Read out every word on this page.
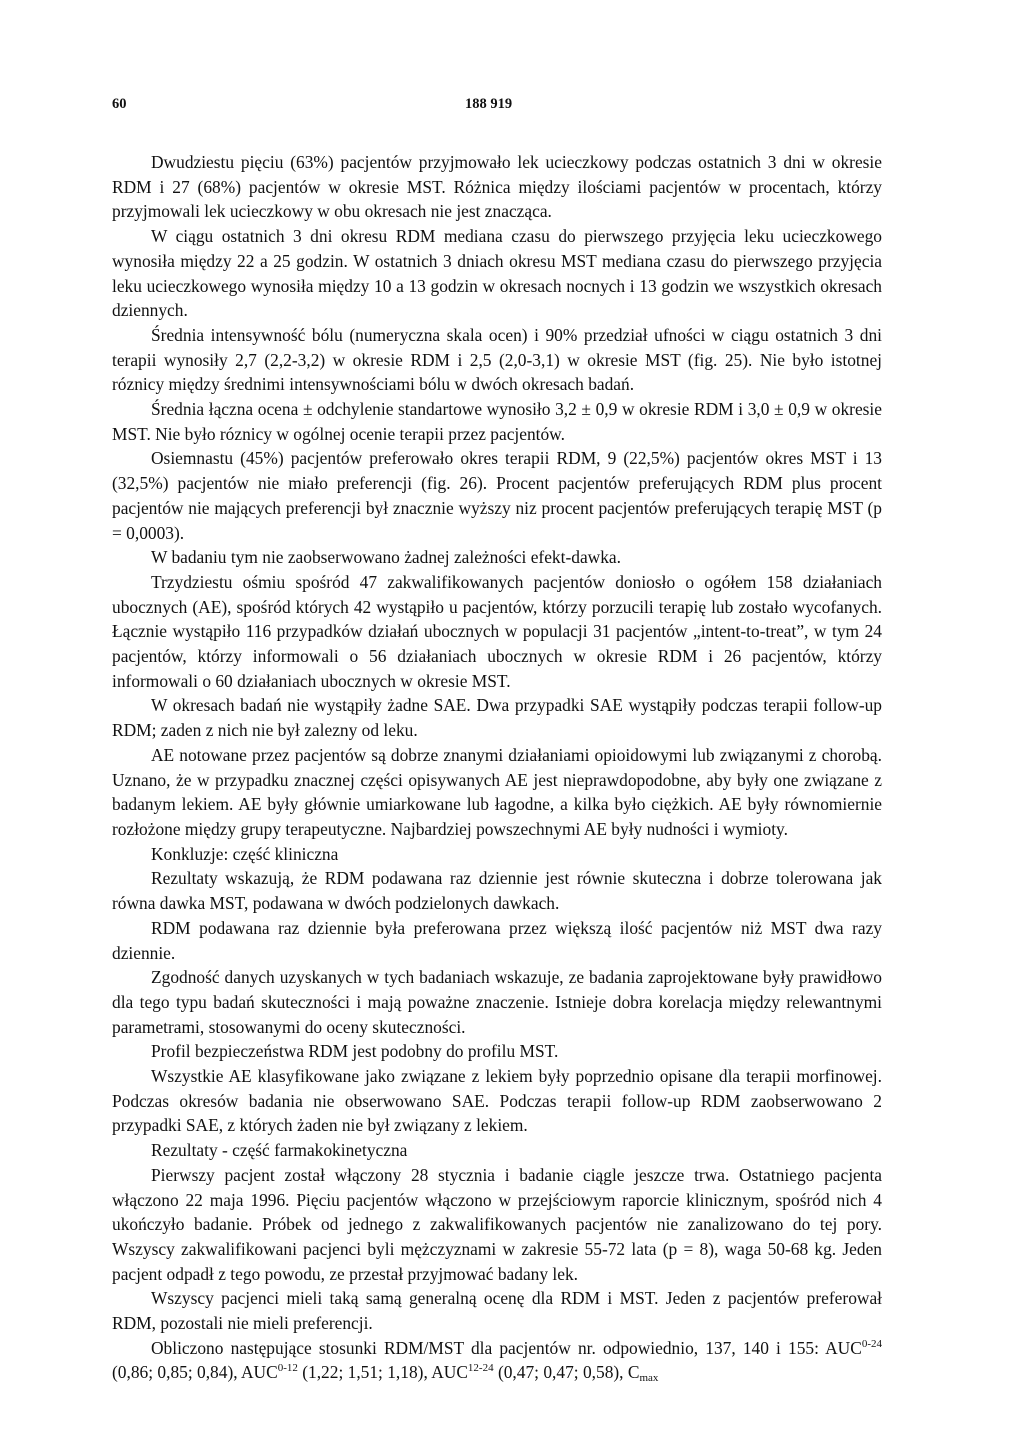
60	188 919

Dwudziestu pięciu (63%) pacjentów przyjmowało lek ucieczkowy podczas ostatnich 3 dni w okresie RDM i 27 (68%) pacjentów w okresie MST. Różnica między ilościami pacjentów w procentach, którzy przyjmowali lek ucieczkowy w obu okresach nie jest znacząca.

W ciągu ostatnich 3 dni okresu RDM mediana czasu do pierwszego przyjęcia leku ucieczkowego wynosiła między 22 a 25 godzin. W ostatnich 3 dniach okresu MST mediana czasu do pierwszego przyjęcia leku ucieczkowego wynosiła między 10 a 13 godzin w okresach nocnych i 13 godzin we wszystkich okresach dziennych.

Średnia intensywność bólu (numeryczna skala ocen) i 90% przedział ufności w ciągu ostatnich 3 dni terapii wynosiły 2,7 (2,2-3,2) w okresie RDM i 2,5 (2,0-3,1) w okresie MST (fig. 25). Nie było istotnej róznicy między średnimi intensywnościami bólu w dwóch okresach badań.

Średnia łączna ocena ± odchylenie standartowe wynosiło 3,2 ± 0,9 w okresie RDM i 3,0 ± 0,9 w okresie MST. Nie było róznicy w ogólnej ocenie terapii przez pacjentów.

Osiemnastu (45%) pacjentów preferowało okres terapii RDM, 9 (22,5%) pacjentów okres MST i 13 (32,5%) pacjentów nie miało preferencji (fig. 26). Procent pacjentów preferujących RDM plus procent pacjentów nie mających preferencji był znacznie wyższy niz procent pacjentów preferujących terapię MST (p = 0,0003).

W badaniu tym nie zaobserwowano żadnej zależności efekt-dawka.

Trzydziestu ośmiu spośród 47 zakwalifikowanych pacjentów doniosło o ogółem 158 działaniach ubocznych (AE), spośród których 42 wystąpiło u pacjentów, którzy porzucili terapię lub zostało wycofanych. Łącznie wystąpiło 116 przypadków działań ubocznych w populacji 31 pacjentów „intent-to-treat”, w tym 24 pacjentów, którzy informowali o 56 działaniach ubocznych w okresie RDM i 26 pacjentów, którzy informowali o 60 działaniach ubocznych w okresie MST.

W okresach badań nie wystąpiły żadne SAE. Dwa przypadki SAE wystąpiły podczas terapii follow-up RDM; zaden z nich nie był zalezny od leku.

AE notowane przez pacjentów są dobrze znanymi działaniami opioidowymi lub związanymi z chorobą. Uznano, że w przypadku znacznej części opisywanych AE jest nieprawdopodobne, aby były one związane z badanym lekiem. AE były głównie umiarkowane lub łagodne, a kilka było ciężkich. AE były równomiernie rozłożone między grupy terapeutyczne. Najbardziej powszechnymi AE były nudności i wymioty.

Konkluzje: część kliniczna

Rezultaty wskazują, że RDM podawana raz dziennie jest równie skuteczna i dobrze tolerowana jak równa dawka MST, podawana w dwóch podzielonych dawkach.

RDM podawana raz dziennie była preferowana przez większą ilość pacjentów niż MST dwa razy dziennie.

Zgodność danych uzyskanych w tych badaniach wskazuje, ze badania zaprojektowane były prawidłowo dla tego typu badań skuteczności i mają poważne znaczenie. Istnieje dobra korelacja między relewantnymi parametrami, stosowanymi do oceny skuteczności.

Profil bezpieczeństwa RDM jest podobny do profilu MST.

Wszystkie AE klasyfikowane jako związane z lekiem były poprzednio opisane dla terapii morfinowej. Podczas okresów badania nie obserwowano SAE. Podczas terapii follow-up RDM zaobserwowano 2 przypadki SAE, z których żaden nie był związany z lekiem.

Rezultaty - część farmakokinetyczna

Pierwszy pacjent został włączony 28 stycznia i badanie ciągle jeszcze trwa. Ostatniego pacjenta włączono 22 maja 1996. Pięciu pacjentów włączono w przejściowym raporcie klinicznym, spośród nich 4 ukończyło badanie. Próbek od jednego z zakwalifikowanych pacjentów nie zanalizowano do tej pory. Wszyscy zakwalifikowani pacjenci byli mężczyznami w zakresie 55-72 lata (p = 8), waga 50-68 kg. Jeden pacjent odpadł z tego powodu, ze przestał przyjmować badany lek.

Wszyscy pacjenci mieli taką samą generalną ocenę dla RDM i MST. Jeden z pacjentów preferował RDM, pozostali nie mieli preferencji.

Obliczono następujące stosunki RDM/MST dla pacjentów nr. odpowiednio, 137, 140 i 155: AUC$^{0-24}$ (0,86; 0,85; 0,84), AUC$^{0-12}$ (1,22; 1,51; 1,18), AUC$^{12-24}$ (0,47; 0,47; 0,58), $C_{max}$
